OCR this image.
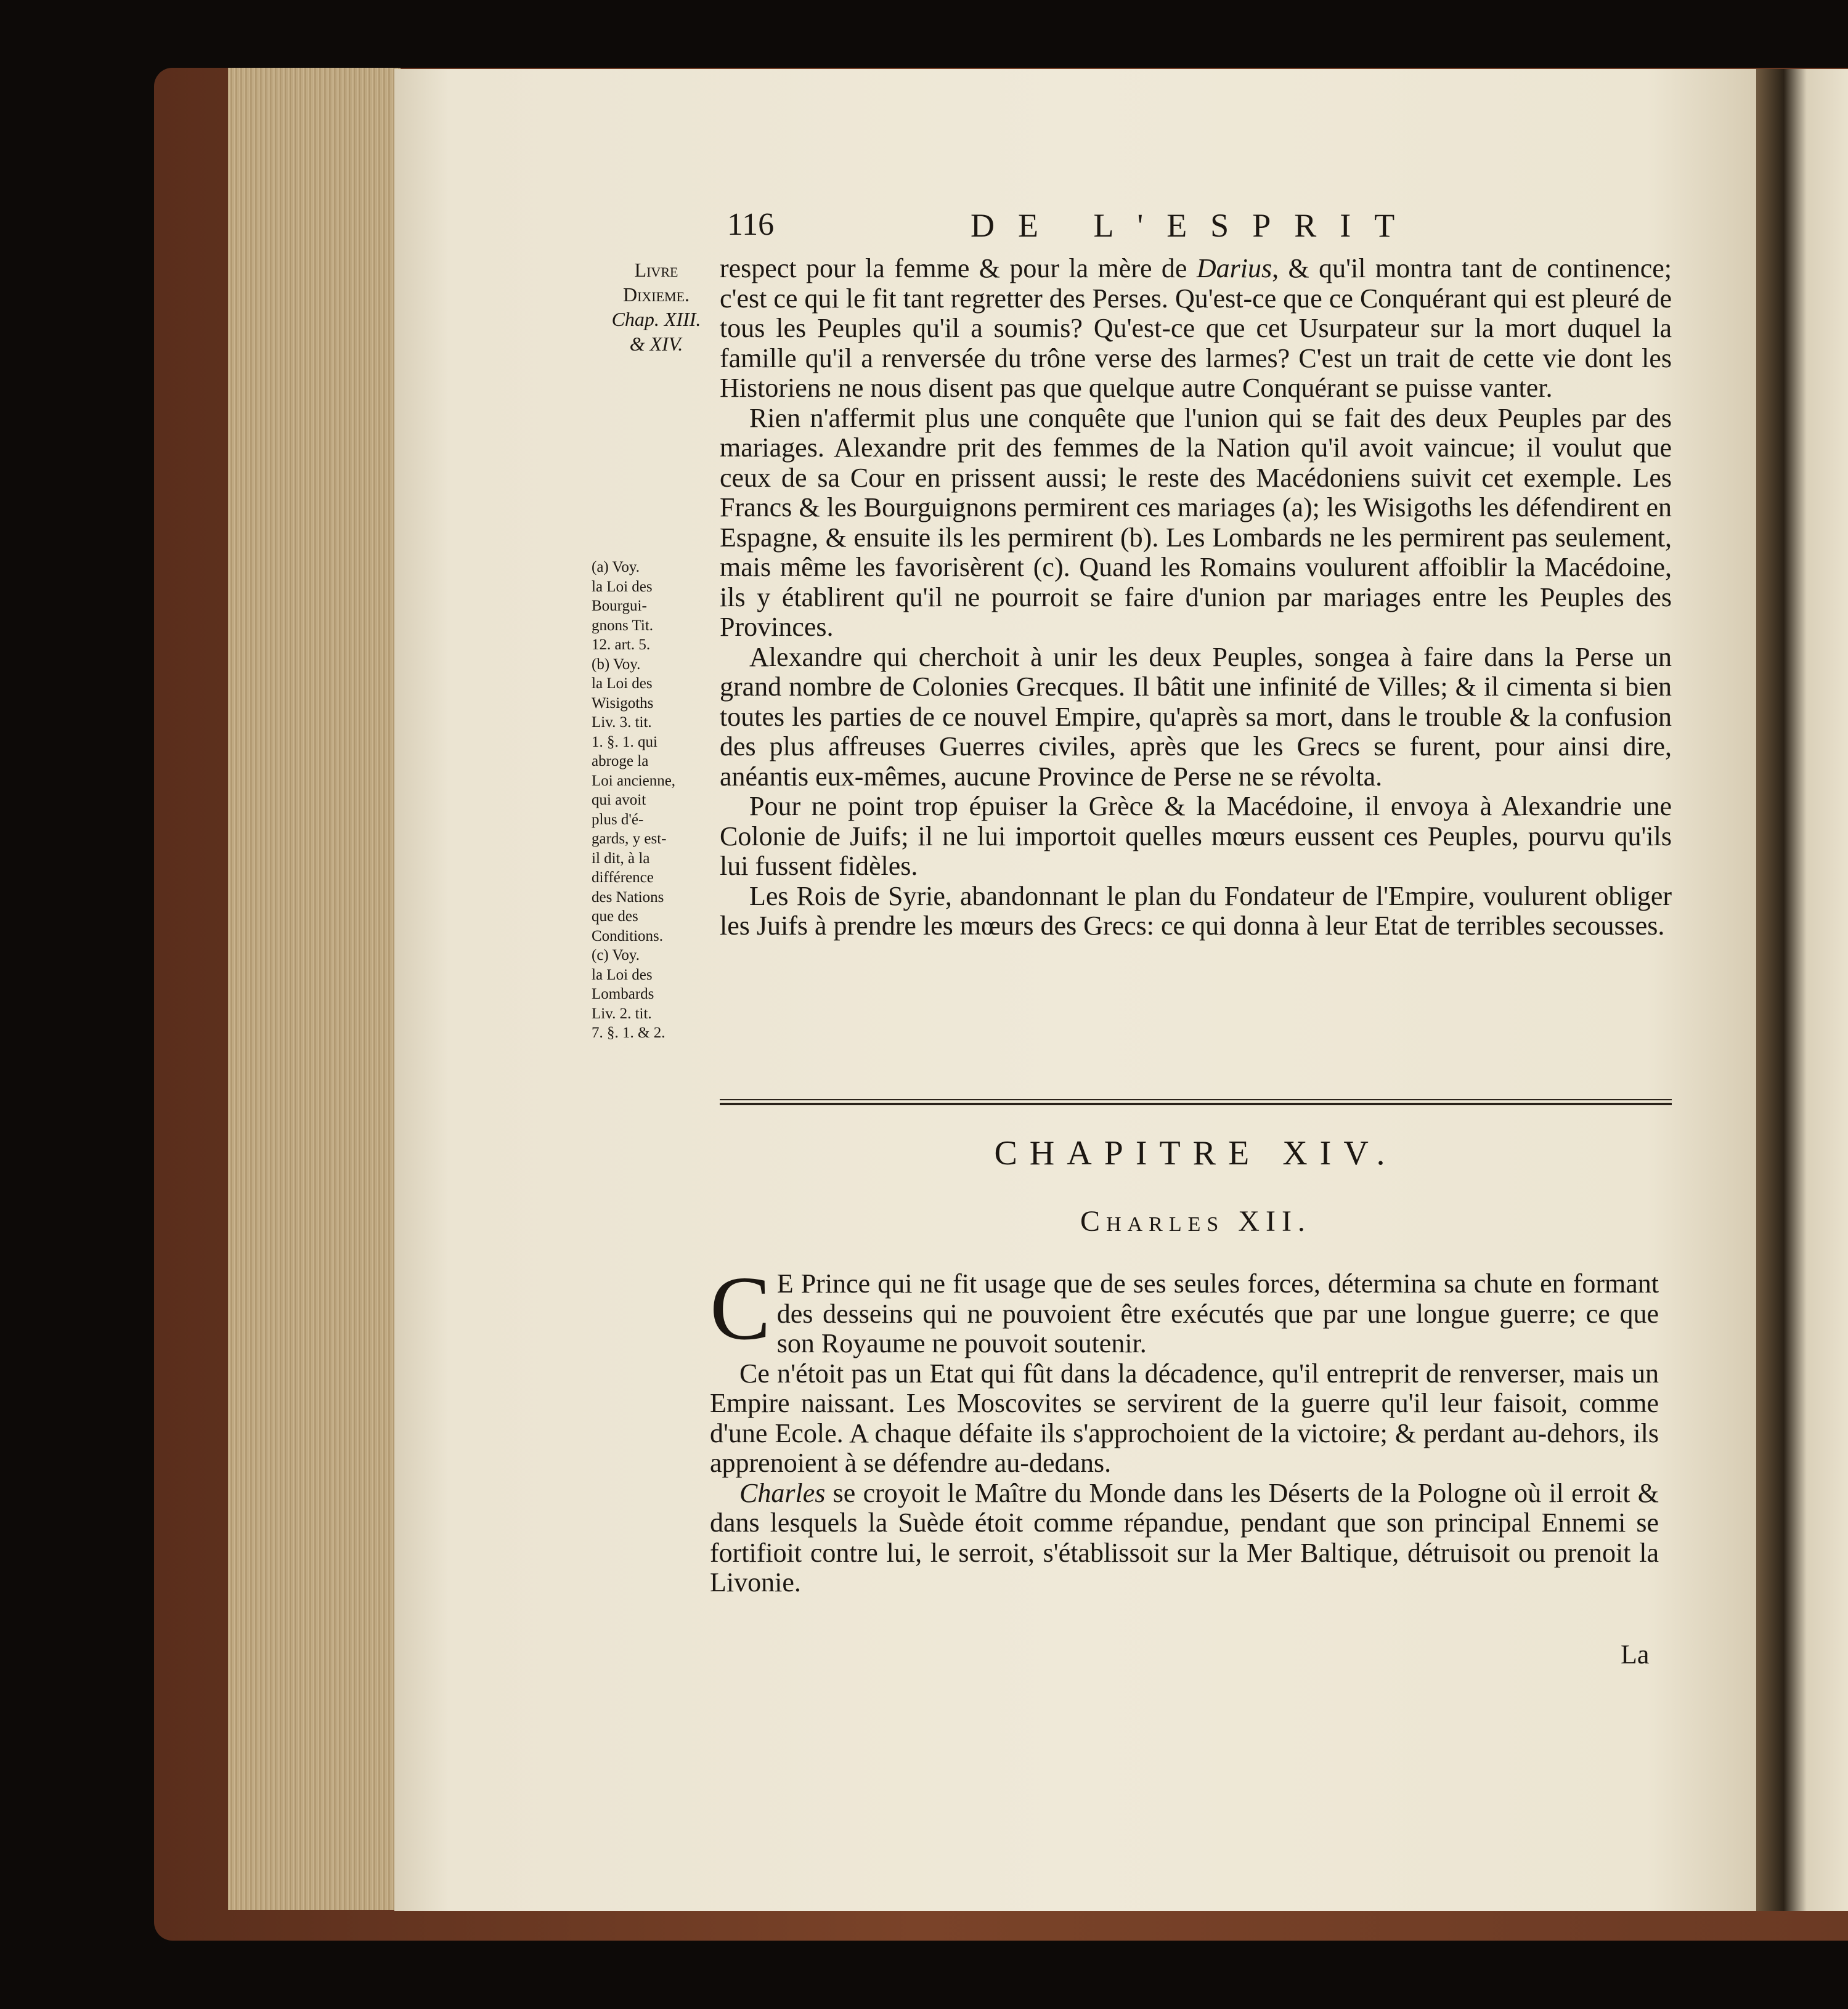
116	DE L'ESPRIT
Livre
Dixieme.
Chap. XIII.
& XIV.

(a) Voy.

la Loi des

Bourgui-

gnons Tit.

12. art. 5.

(b) Voy.

la Loi des

Wisigoths

Liv. 3. tit.

1. §. 1. qui

abroge la

Loi ancienne,

qui avoit

plus d'é-

gards, y est-

il dit, à la

différence

des Nations

que des

Conditions.

(c) Voy.

la Loi des

Lombards

Liv. 2. tit.

7. §. 1. & 2.

respect pour la femme & pour la mère de Darius, & qu'il montra tant de continence; c'est ce qui le fit tant regretter des Perses. Qu'est-ce que ce Conquérant qui est pleuré de tous les Peuples qu'il a soumis? Qu'est-ce que cet Usurpateur sur la mort duquel la famille qu'il a renversée du trône verse des larmes? C'est un trait de cette vie dont les Historiens ne nous disent pas que quelque autre Conquérant se puisse vanter.

Rien n'affermit plus une conquête que l'union qui se fait des deux Peuples par des mariages. Alexandre prit des femmes de la Nation qu'il avoit vaincue; il voulut que ceux de sa Cour en prissent aussi; le reste des Macédoniens suivit cet exemple. Les Francs & les Bourguignons permirent ces mariages (a); les Wisigoths les défendirent en Espagne, & ensuite ils les permirent (b). Les Lombards ne les permirent pas seulement, mais même les favorisèrent (c). Quand les Romains voulurent affoiblir la Macédoine, ils y établirent qu'il ne pourroit se faire d'union par mariages entre les Peuples des Provinces.

Alexandre qui cherchoit à unir les deux Peuples, songea à faire dans la Perse un grand nombre de Colonies Grecques. Il bâtit une infinité de Villes; & il cimenta si bien toutes les parties de ce nouvel Empire, qu'après sa mort, dans le trouble & la confusion des plus affreuses Guerres civiles, après que les Grecs se furent, pour ainsi dire, anéantis eux-mêmes, aucune Province de Perse ne se révolta.

Pour ne point trop épuiser la Grèce & la Macédoine, il envoya à Alexandrie une Colonie de Juifs; il ne lui importoit quelles mœurs eussent ces Peuples, pourvu qu'ils lui fussent fidèles.

Les Rois de Syrie, abandonnant le plan du Fondateur de l'Empire, voulurent obliger les Juifs à prendre les mœurs des Grecs: ce qui donna à leur Etat de terribles secousses.

CHAPITRE XIV.
Charles XII.

C E Prince qui ne fit usage que de ses seules forces, détermina sa chute en formant des desseins qui ne pouvoient être exécutés que par une longue guerre; ce que son Royaume ne pouvoit soutenir.

Ce n'étoit pas un Etat qui fût dans la décadence, qu'il entreprit de renverser, mais un Empire naissant. Les Moscovites se servirent de la guerre qu'il leur faisoit, comme d'une Ecole. A chaque défaite ils s'approchoient de la victoire; & perdant au-dehors, ils apprenoient à se défendre au-dedans.

Charles se croyoit le Maître du Monde dans les Déserts de la Pologne où il erroit & dans lesquels la Suède étoit comme répandue, pendant que son principal Ennemi se fortifioit contre lui, le serroit, s'établissoit sur la Mer Baltique, détruisoit ou prenoit la Livonie.

La
